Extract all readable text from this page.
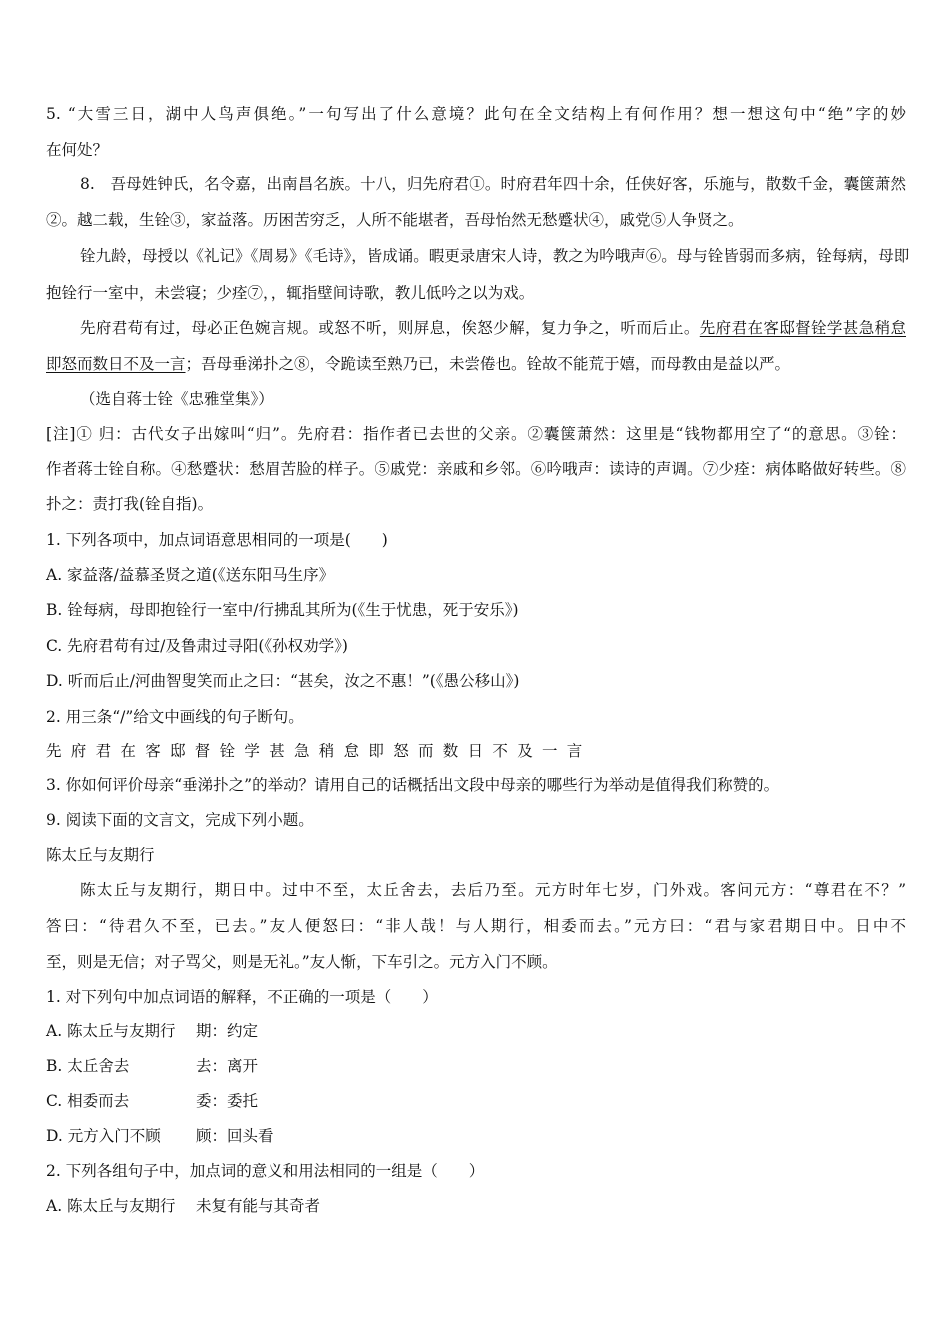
5. “大雪三日，湖中人鸟声俱绝。”一句写出了什么意境？此句在全文结构上有何作用？想一想这句中“绝”字的妙
在何处？
8.　吾母姓钟氏，名令嘉，出南昌名族。十八，归先府君①。时府君年四十余，任侠好客，乐施与，散数千金，囊箧萧然
②。越二载，生铨③，家益落。历困苦穷乏，人所不能堪者，吾母怡然无愁蹙状④，戚党⑤人争贤之。
铨九龄，母授以《礼记》《周易》《毛诗》，皆成诵。暇更录唐宋人诗，教之为吟哦声⑥。母与铨皆弱而多病，铨每病，母即
抱铨行一室中，未尝寝；少痊⑦，，辄指壁间诗歌，教儿低吟之以为戏。
先府君苟有过，母必正色婉言规。或怒不听，则屏息，俟怒少解，复力争之，听而后止。先府君在客邸督铨学甚急稍怠
即怒而数日不及一言；吾母垂涕扑之⑧，令跪读至熟乃已，未尝倦也。铨故不能荒于嬉，而母教由是益以严。
（选自蒋士铨《忠雅堂集》）
[注]① 归：古代女子出嫁叫“归”。先府君：指作者已去世的父亲。②囊箧萧然：这里是“钱物都用空了“的意思。③铨：
作者蒋士铨自称。④愁蹙状：愁眉苦脸的样子。⑤戚党：亲戚和乡邻。⑥吟哦声：读诗的声调。⑦少痊：病体略做好转些。⑧
扑之：责打我(铨自指)。
1. 下列各项中，加点词语意思相同的一项是(　　)
A. 家益落/益慕圣贤之道(《送东阳马生序》
B. 铨每病，母即抱铨行一室中/行拂乱其所为(《生于忧患，死于安乐》)
C. 先府君苟有过/及鲁肃过寻阳(《孙权劝学》)
D. 听而后止/河曲智叟笑而止之曰：“甚矣，汝之不惠！”(《愚公移山》)
2. 用三条“/”给文中画线的句子断句。
先府君在客邸督铨学甚急稍怠即怒而数日不及一言
3. 你如何评价母亲“垂涕扑之”的举动？请用自己的话概括出文段中母亲的哪些行为举动是值得我们称赞的。
9. 阅读下面的文言文，完成下列小题。
陈太丘与友期行
陈太丘与友期行，期日中。过中不至，太丘舍去，去后乃至。元方时年七岁，门外戏。客问元方：“尊君在不？”
答曰：“待君久不至，已去。”友人便怒曰：“非人哉！与人期行，相委而去。”元方曰：“君与家君期日中。日中不
至，则是无信；对子骂父，则是无礼。”友人惭，下车引之。元方入门不顾。
1. 对下列句中加点词语的解释，不正确的一项是（　　）
A. 陈太丘与友期行 期：约定
B. 太丘舍去	去：离开
C. 相委而去	委：委托
D. 元方入门不顾 顾：回头看
2. 下列各组句子中，加点词的意义和用法相同的一组是（　　）
A. 陈太丘与友期行 未复有能与其奇者
